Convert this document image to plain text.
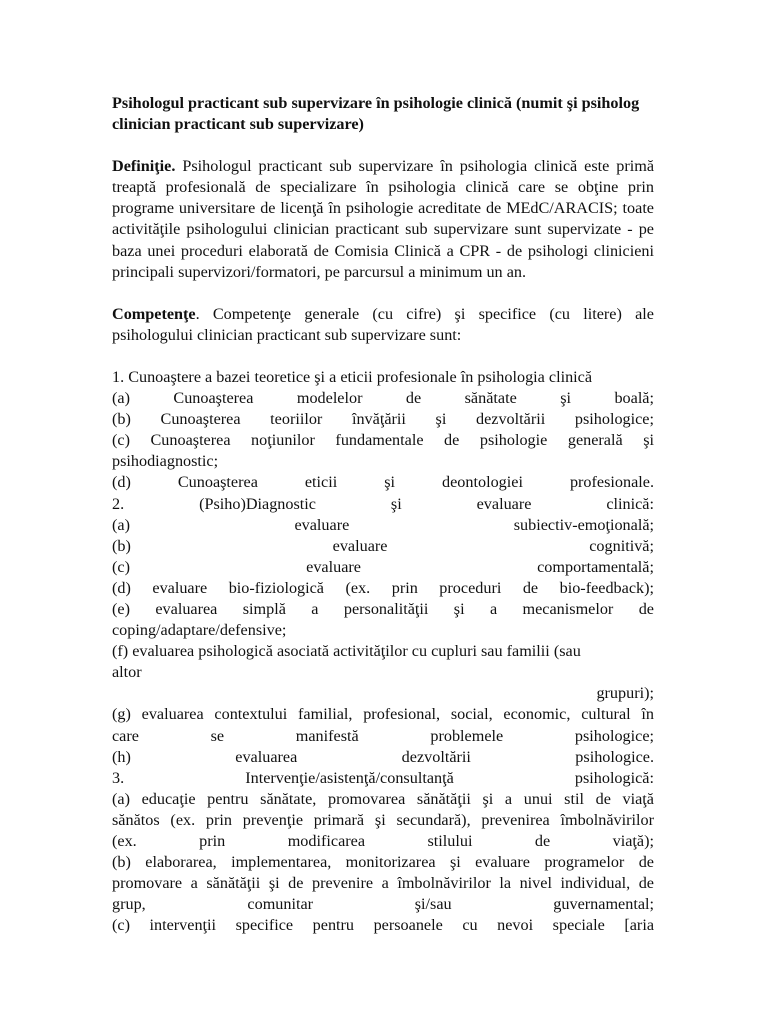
Psihologul practicant sub supervizare în psihologie clinică (numit şi psiholog clinician practicant sub supervizare)
Definiţie. Psihologul practicant sub supervizare în psihologia clinică este primă treaptă profesională de specializare în psihologia clinică care se obţine prin programe universitare de licenţă în psihologie acreditate de MEdC/ARACIS; toate activităţile psihologului clinician practicant sub supervizare sunt supervizate - pe baza unei proceduri elaborată de Comisia Clinică a CPR - de psihologi clinicieni principali supervizori/formatori, pe parcursul a minimum un an.
Competenţe. Competenţe generale (cu cifre) şi specifice (cu litere) ale psihologului clinician practicant sub supervizare sunt:
1. Cunoaştere a bazei teoretice şi a eticii profesionale în psihologia clinică
(a) Cunoaşterea modelelor de sănătate şi boală;
(b) Cunoaşterea teoriilor învăţării şi dezvoltării psihologice;
(c) Cunoaşterea noţiunilor fundamentale de psihologie generală şi
psihodiagnostic;
(d) Cunoaşterea eticii şi deontologiei profesionale.
2. (Psiho)Diagnostic şi evaluare clinică:
(a) evaluare subiectiv-emoţională;
(b) evaluare cognitivă;
(c) evaluare comportamentală;
(d) evaluare bio-fiziologică (ex. prin proceduri de bio-feedback);
(e) evaluarea simplă a personalităţii şi a mecanismelor de
coping/adaptare/defensive;
(f) evaluarea psihologică asociată activităţilor cu cupluri sau familii (sau
altor
grupuri);
(g) evaluarea contextului familial, profesional, social, economic, cultural în
care se manifestă problemele psihologice;
(h) evaluarea dezvoltării psihologice.
3. Intervenţie/asistenţă/consultanţă psihologică:
(a) educaţie pentru sănătate, promovarea sănătăţii şi a unui stil de viaţă
sănătos (ex. prin prevenţie primară şi secundară), prevenirea îmbolnăvirilor
(ex. prin modificarea stilului de viaţă);
(b) elaborarea, implementarea, monitorizarea şi evaluare programelor de
promovare a sănătăţii şi de prevenire a îmbolnăvirilor la nivel individual, de
grup, comunitar şi/sau guvernamental;
(c) intervenţii specifice pentru persoanele cu nevoi speciale [aria
